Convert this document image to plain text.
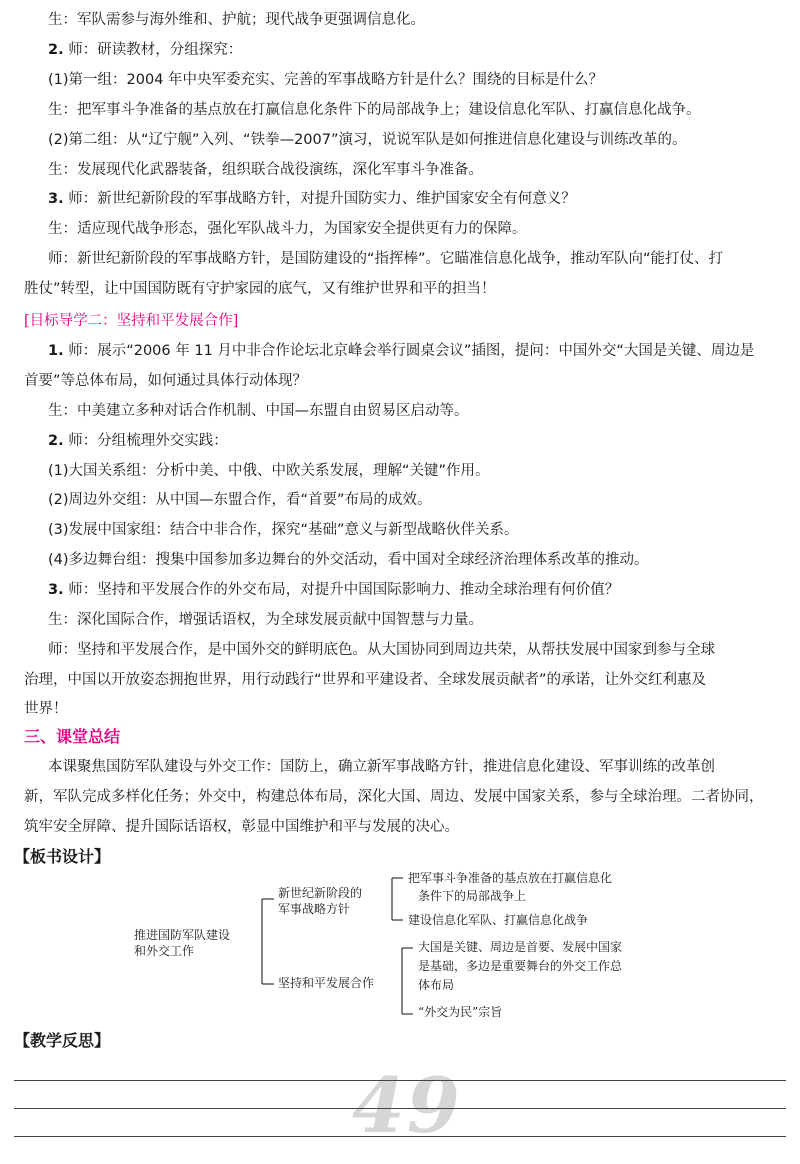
生：军队需参与海外维和、护航；现代战争更强调信息化。
2. 师：研读教材，分组探究：
(1)第一组：2004 年中央军委充实、完善的军事战略方针是什么？围绕的目标是什么？
生：把军事斗争准备的基点放在打赢信息化条件下的局部战争上；建设信息化军队、打赢信息化战争。
(2)第二组：从“辽宁舰”入列、“铁拳—2007”演习，说说军队是如何推进信息化建设与训练改革的。
生：发展现代化武器装备，组织联合战役演练，深化军事斗争准备。
3. 师：新世纪新阶段的军事战略方针，对提升国防实力、维护国家安全有何意义？
生：适应现代战争形态，强化军队战斗力，为国家安全提供更有力的保障。
师：新世纪新阶段的军事战略方针，是国防建设的“指挥棒”。它瞄准信息化战争，推动军队向“能打仗、打
胜仗”转型，让中国国防既有守护家园的底气，又有维护世界和平的担当！
[目标导学二：坚持和平发展合作]
1. 师：展示“2006 年 11 月中非合作论坛北京峰会举行圆桌会议”插图，提问：中国外交“大国是关键、周边是
首要”等总体布局，如何通过具体行动体现？
生：中美建立多种对话合作机制、中国—东盟自由贸易区启动等。
2. 师：分组梳理外交实践：
(1)大国关系组：分析中美、中俄、中欧关系发展，理解“关键”作用。
(2)周边外交组：从中国—东盟合作，看“首要”布局的成效。
(3)发展中国家组：结合中非合作，探究“基础”意义与新型战略伙伴关系。
(4)多边舞台组：搜集中国参加多边舞台的外交活动，看中国对全球经济治理体系改革的推动。
3. 师：坚持和平发展合作的外交布局，对提升中国国际影响力、推动全球治理有何价值？
生：深化国际合作，增强话语权，为全球发展贡献中国智慧与力量。
师：坚持和平发展合作，是中国外交的鲜明底色。从大国协同到周边共荣，从帮扶发展中国家到参与全球
治理，中国以开放姿态拥抱世界，用行动践行“世界和平建设者、全球发展贡献者”的承诺，让外交红利惠及
世界！
三、课堂总结
本课聚焦国防军队建设与外交工作：国防上，确立新军事战略方针，推进信息化建设、军事训练的改革创
新，军队完成多样化任务；外交中，构建总体布局，深化大国、周边、发展中国家关系，参与全球治理。二者协同，
筑牢安全屏障、提升国际话语权，彰显中国维护和平与发展的决心。
【板书设计】
推进国防军队建设
和外交工作
新世纪新阶段的
军事战略方针
把军事斗争准备的基点放在打赢信息化
条件下的局部战争上
建设信息化军队、打赢信息化战争
坚持和平发展合作
大国是关键、周边是首要、发展中国家
是基础，多边是重要舞台的外交工作总
体布局
“外交为民”宗旨
【教学反思】
49
